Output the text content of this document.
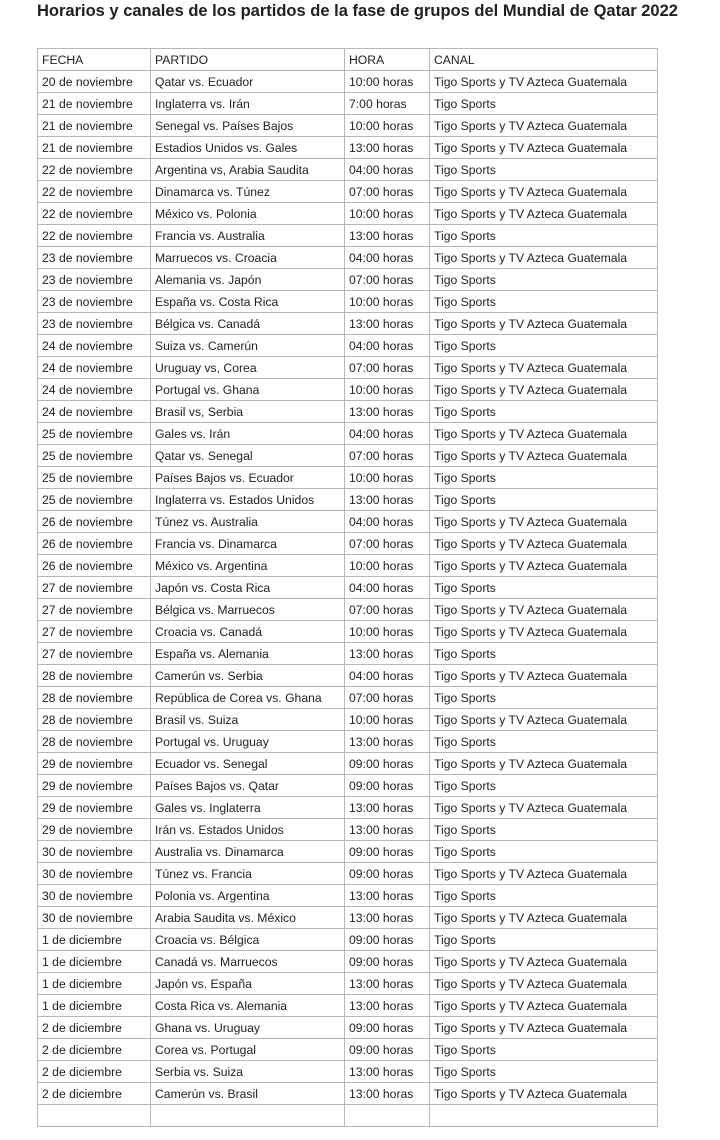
Horarios y canales de los partidos de la fase de grupos del Mundial de Qatar 2022
FECHA	PARTIDO	HORA	CANAL
20 de noviembre	Qatar vs. Ecuador	10:00 horas	Tigo Sports y TV Azteca Guatemala
21 de noviembre	Inglaterra vs. Irán	7:00 horas	Tigo Sports
21 de noviembre	Senegal vs. Países Bajos	10:00 horas	Tigo Sports y TV Azteca Guatemala
21 de noviembre	Estadios Unidos vs. Gales	13:00 horas	Tigo Sports y TV Azteca Guatemala
22 de noviembre	Argentina vs, Arabia Saudita	04:00 horas	Tigo Sports
22 de noviembre	Dinamarca vs. Túnez	07:00 horas	Tigo Sports y TV Azteca Guatemala
22 de noviembre	México vs. Polonia	10:00 horas	Tigo Sports y TV Azteca Guatemala
22 de noviembre	Francia vs. Australia	13:00 horas	Tigo Sports
23 de noviembre	Marruecos vs. Croacia	04:00 horas	Tigo Sports y TV Azteca Guatemala
23 de noviembre	Alemania vs. Japón	07:00 horas	Tigo Sports
23 de noviembre	España vs. Costa Rica	10:00 horas	Tigo Sports
23 de noviembre	Bélgica vs. Canadá	13:00 horas	Tigo Sports y TV Azteca Guatemala
24 de noviembre	Suiza vs. Camerún	04:00 horas	Tigo Sports
24 de noviembre	Uruguay vs, Corea	07:00 horas	Tigo Sports y TV Azteca Guatemala
24 de noviembre	Portugal vs. Ghana	10:00 horas	Tigo Sports y TV Azteca Guatemala
24 de noviembre	Brasil vs, Serbia	13:00 horas	Tigo Sports
25 de noviembre	Gales vs. Irán	04:00 horas	Tigo Sports y TV Azteca Guatemala
25 de noviembre	Qatar vs. Senegal	07:00 horas	Tigo Sports y TV Azteca Guatemala
25 de noviembre	Países Bajos vs. Ecuador	10:00 horas	Tigo Sports
25 de noviembre	Inglaterra vs. Estados Unidos	13:00 horas	Tigo Sports
26 de noviembre	Túnez vs. Australia	04:00 horas	Tigo Sports y TV Azteca Guatemala
26 de noviembre	Francia vs. Dinamarca	07:00 horas	Tigo Sports y TV Azteca Guatemala
26 de noviembre	México vs. Argentina	10:00 horas	Tigo Sports y TV Azteca Guatemala
27 de noviembre	Japón vs. Costa Rica	04:00 horas	Tigo Sports
27 de noviembre	Bélgica vs. Marruecos	07:00 horas	Tigo Sports y TV Azteca Guatemala
27 de noviembre	Croacia vs. Canadá	10:00 horas	Tigo Sports y TV Azteca Guatemala
27 de noviembre	España vs. Alemania	13:00 horas	Tigo Sports
28 de noviembre	Camerún vs. Serbia	04:00 horas	Tigo Sports y TV Azteca Guatemala
28 de noviembre	República de Corea vs. Ghana	07:00 horas	Tigo Sports
28 de noviembre	Brasil vs. Suiza	10:00 horas	Tigo Sports y TV Azteca Guatemala
28 de noviembre	Portugal vs. Uruguay	13:00 horas	Tigo Sports
29 de noviembre	Ecuador vs. Senegal	09:00 horas	Tigo Sports y TV Azteca Guatemala
29 de noviembre	Países Bajos vs. Qatar	09:00 horas	Tigo Sports
29 de noviembre	Gales vs. Inglaterra	13:00 horas	Tigo Sports y TV Azteca Guatemala
29 de noviembre	Irán vs. Estados Unidos	13:00 horas	Tigo Sports
30 de noviembre	Australia vs. Dinamarca	09:00 horas	Tigo Sports
30 de noviembre	Túnez vs. Francia	09:00 horas	Tigo Sports y TV Azteca Guatemala
30 de noviembre	Polonia vs. Argentina	13:00 horas	Tigo Sports
30 de noviembre	Arabia Saudita vs. México	13:00 horas	Tigo Sports y TV Azteca Guatemala
1 de diciembre	Croacia vs. Bélgica	09:00 horas	Tigo Sports
1 de diciembre	Canadá vs. Marruecos	09:00 horas	Tigo Sports y TV Azteca Guatemala
1 de diciembre	Japón vs. España	13:00 horas	Tigo Sports y TV Azteca Guatemala
1 de diciembre	Costa Rica vs. Alemania	13:00 horas	Tigo Sports y TV Azteca Guatemala
2 de diciembre	Ghana vs. Uruguay	09:00 horas	Tigo Sports y TV Azteca Guatemala
2 de diciembre	Corea vs. Portugal	09:00 horas	Tigo Sports
2 de diciembre	Serbia vs. Suiza	13:00 horas	Tigo Sports
2 de diciembre	Camerún vs. Brasil	13:00 horas	Tigo Sports y TV Azteca Guatemala
